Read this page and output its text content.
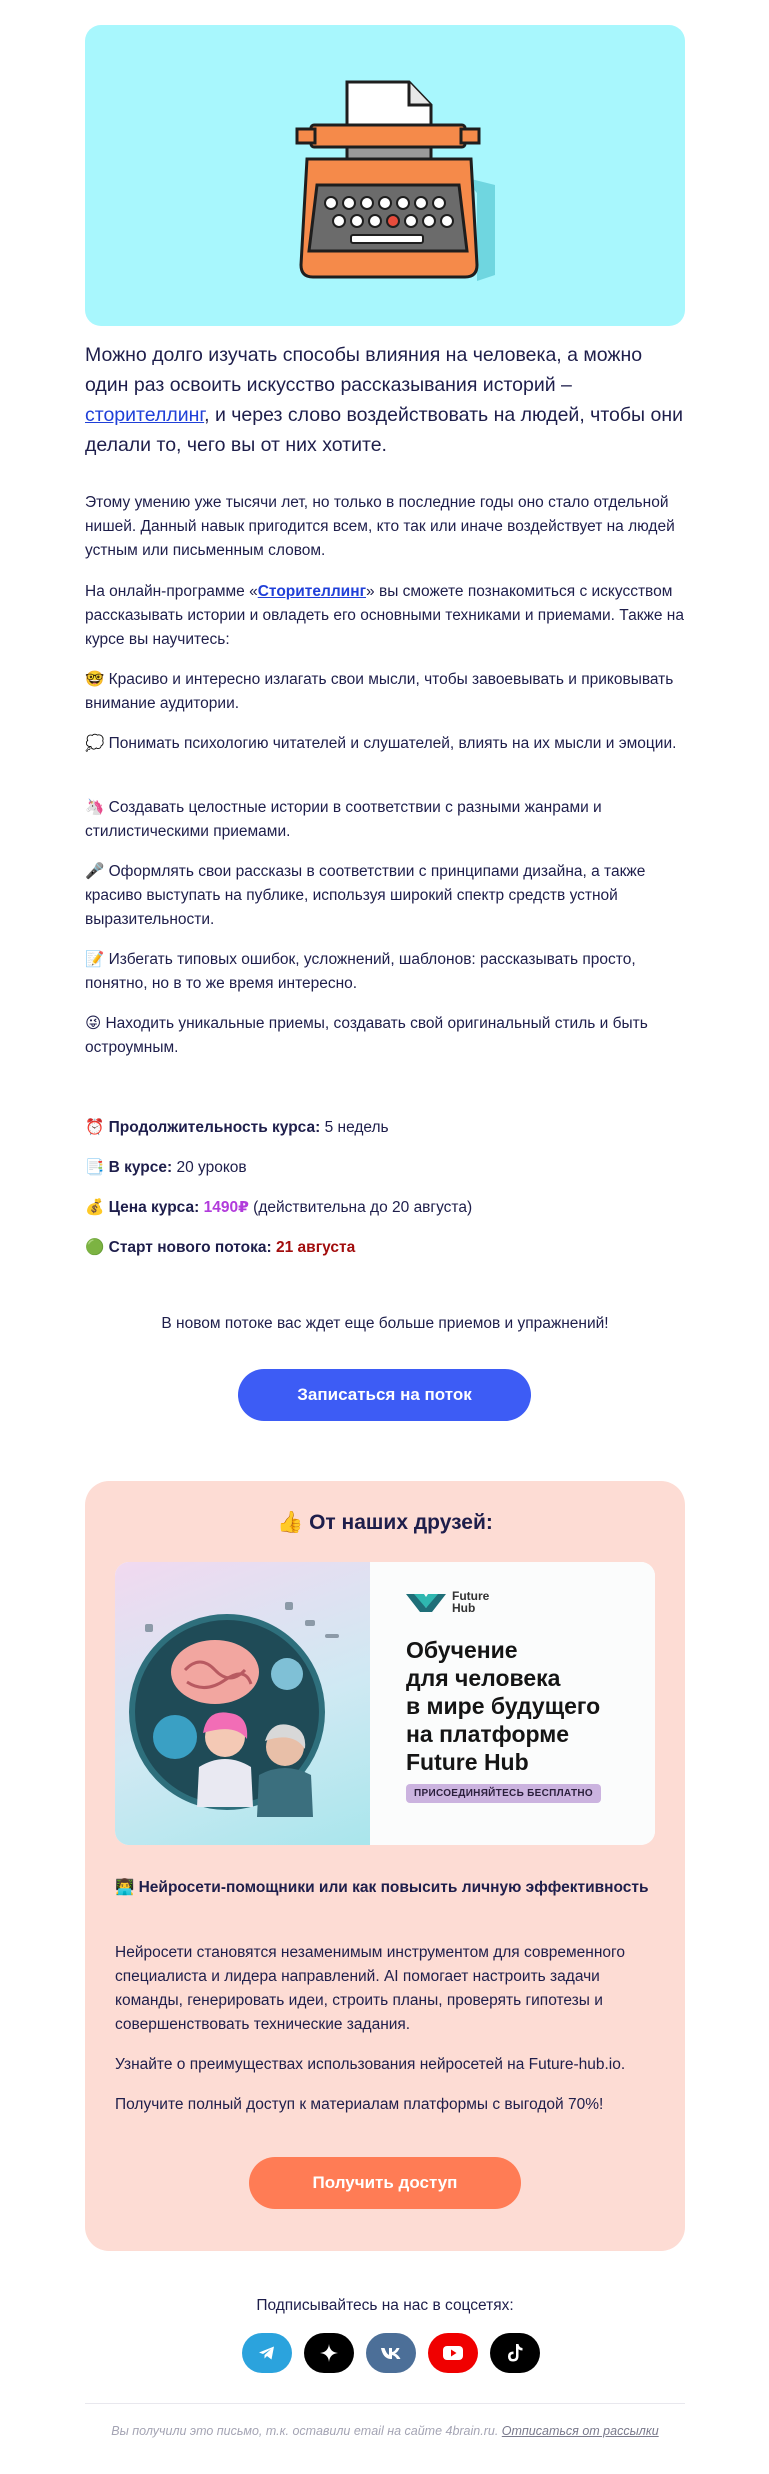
Можно долго изучать способы влияния на человека, а можно один раз освоить искусство рассказывания историй – сторителлинг, и через слово воздействовать на людей, чтобы они делали то, чего вы от них хотите.

Этому умению уже тысячи лет, но только в последние годы оно стало отдельной нишей. Данный навык пригодится всем, кто так или иначе воздействует на людей устным или письменным словом.

На онлайн-программе «Сторителлинг» вы сможете познакомиться с искусством рассказывать истории и овладеть его основными техниками и приемами. Также на курсе вы научитесь:

🤓 Красиво и интересно излагать свои мысли, чтобы завоевывать и приковывать внимание аудитории.

💭 Понимать психологию читателей и слушателей, влиять на их мысли и эмоции.

🦄 Создавать целостные истории в соответствии с разными жанрами и стилистическими приемами.

🎤 Оформлять свои рассказы в соответствии с принципами дизайна, а также красиво выступать на публике, используя широкий спектр средств устной выразительности.

📝 Избегать типовых ошибок, усложнений, шаблонов: рассказывать просто, понятно, но в то же время интересно.

😜 Находить уникальные приемы, создавать свой оригинальный стиль и быть остроумным.

⏰ Продолжительность курса: 5 недель
📑 В курсе: 20 уроков
💰 Цена курса: 1490₽ (действительна до 20 августа)
🟢 Старт нового потока: 21 августа
В новом потоке вас ждет еще больше приемов и упражнений!
Записаться на поток
👍 От наших друзей:
Future
Hub
Обучение
для человека
в мире будущего
на платформе
Future Hub
ПРИСОЕДИНЯЙТЕСЬ БЕСПЛАТНО

👨‍💻 Нейросети-помощники или как повысить личную эффективность

Нейросети становятся незаменимым инструментом для современного специалиста и лидера направлений. AI помогает настроить задачи команды, генерировать идеи, строить планы, проверять гипотезы и совершенствовать технические задания.

Узнайте о преимуществах использования нейросетей на Future-hub.io.

Получите полный доступ к материалам платформы с выгодой 70%!

Получить доступ
Подписывайтесь на нас в соцсетях:
Вы получили это письмо, т.к. оставили email на сайте 4brain.ru. Отписаться от рассылки
